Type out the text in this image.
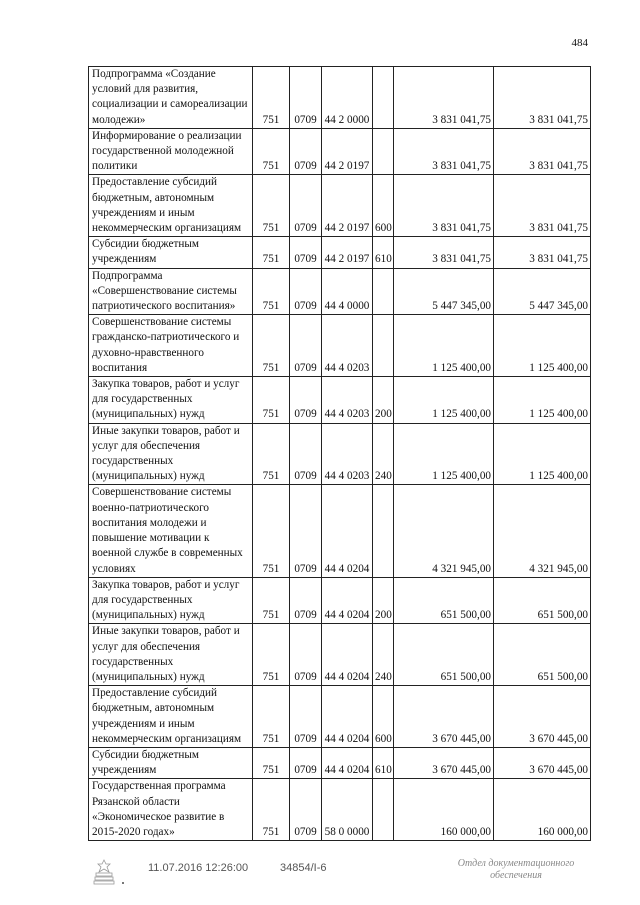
484
Подпрограмма «Создание условий для развития, социализации и самореализации молодежи»	751	0709	44 2 0000		3 831 041,75	3 831 041,75
Информирование о реализации государственной молодежной политики	751	0709	44 2 0197		3 831 041,75	3 831 041,75
Предоставление субсидий бюджетным, автономным учреждениям и иным некоммерческим организациям	751	0709	44 2 0197	600	3 831 041,75	3 831 041,75
Субсидии бюджетным учреждениям	751	0709	44 2 0197	610	3 831 041,75	3 831 041,75
Подпрограмма «Совершенствование системы патриотического воспитания»	751	0709	44 4 0000		5 447 345,00	5 447 345,00
Совершенствование системы гражданско-патриотического и духовно-нравственного воспитания	751	0709	44 4 0203		1 125 400,00	1 125 400,00
Закупка товаров, работ и услуг для государственных (муниципальных) нужд	751	0709	44 4 0203	200	1 125 400,00	1 125 400,00
Иные закупки товаров, работ и услуг для обеспечения государственных (муниципальных) нужд	751	0709	44 4 0203	240	1 125 400,00	1 125 400,00
Совершенствование системы военно-патриотического воспитания молодежи и повышение мотивации к военной службе в современных условиях	751	0709	44 4 0204		4 321 945,00	4 321 945,00
Закупка товаров, работ и услуг для государственных (муниципальных) нужд	751	0709	44 4 0204	200	651 500,00	651 500,00
Иные закупки товаров, работ и услуг для обеспечения государственных (муниципальных) нужд	751	0709	44 4 0204	240	651 500,00	651 500,00
Предоставление субсидий бюджетным, автономным учреждениям и иным некоммерческим организациям	751	0709	44 4 0204	600	3 670 445,00	3 670 445,00
Субсидии бюджетным учреждениям	751	0709	44 4 0204	610	3 670 445,00	3 670 445,00
Государственная программа Рязанской области «Экономическое развитие в 2015-2020 годах»	751	0709	58 0 0000		160 000,00	160 000,00
11.07.2016 12:26:00	34854/I-6	Отдел документационного
обеспечения
